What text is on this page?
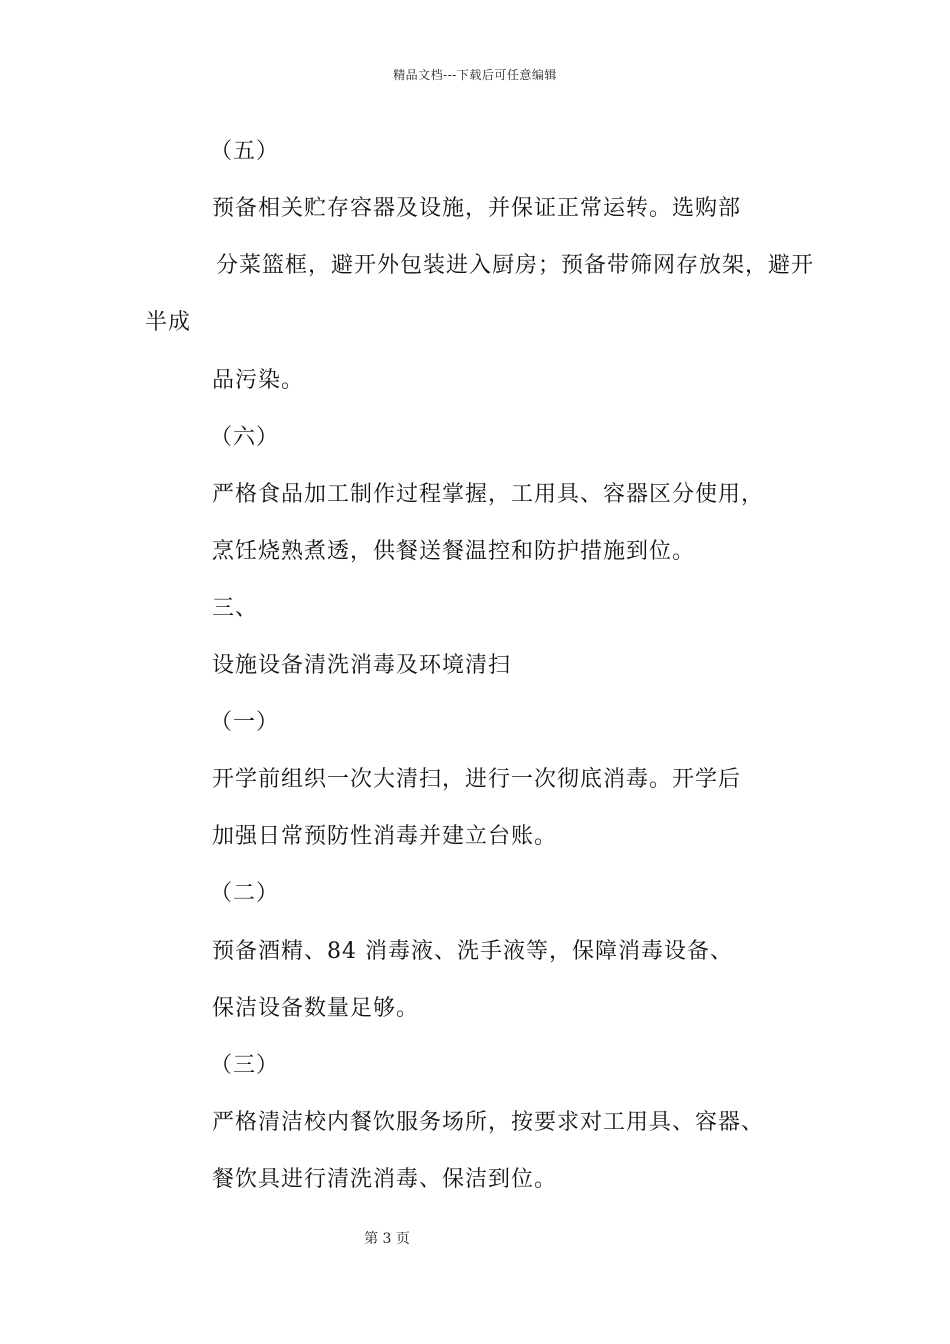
精品文档---下载后可任意编辑
（五）
预备相关贮存容器及设施，并保证正常运转。选购部
分菜篮框，避开外包装进入厨房；预备带筛网存放架，避开
半成
品污染。
（六）
严格食品加工制作过程掌握，工用具、容器区分使用，
烹饪烧熟煮透，供餐送餐温控和防护措施到位。
三、
设施设备清洗消毒及环境清扫
（一）
开学前组织一次大清扫，进行一次彻底消毒。开学后
加强日常预防性消毒并建立台账。
（二）
预备酒精、84 消毒液、洗手液等，保障消毒设备、
保洁设备数量足够。
（三）
严格清洁校内餐饮服务场所，按要求对工用具、容器、
餐饮具进行清洗消毒、保洁到位。
第 3 页
